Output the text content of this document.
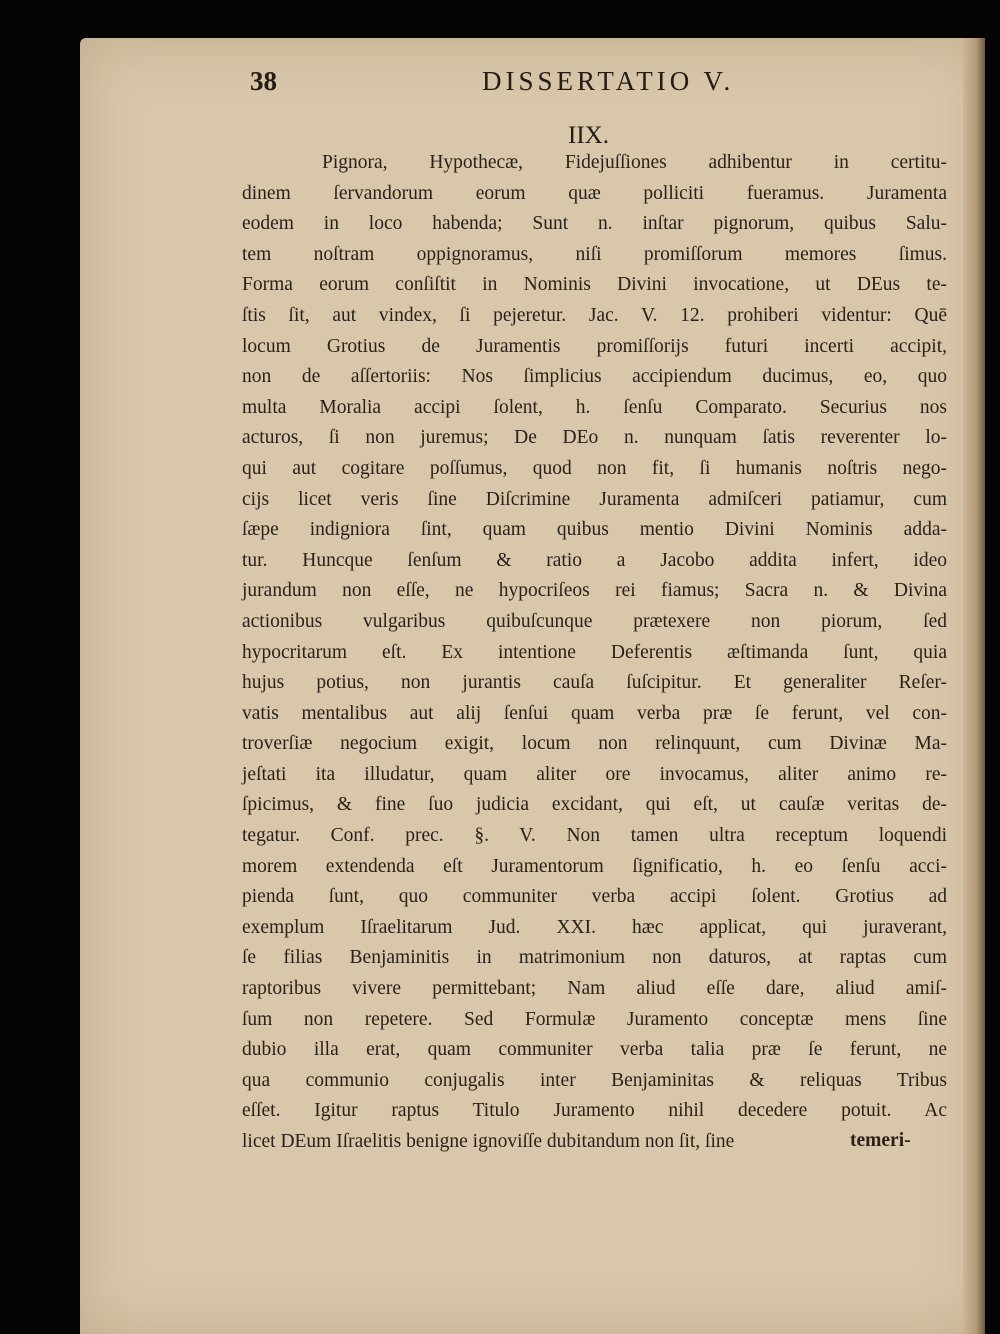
38	DISSERTATIO V.
IIX.
Pignora, Hypothecæ, Fidejuſſiones adhibentur in certitu-
dinem ſervandorum eorum quæ polliciti fueramus. Juramenta
eodem in loco habenda; Sunt n. inſtar pignorum, quibus Salu-
tem noſtram oppignoramus, niſi promiſſorum memores ſimus.
Forma eorum conſiſtit in Nominis Divini invocatione, ut DEus te-
ſtis ſit, aut vindex, ſi pejeretur. Jac. V. 12. prohiberi videntur: Quē
locum Grotius de Juramentis promiſſorijs futuri incerti accipit,
non de aſſertoriis: Nos ſimplicius accipiendum ducimus, eo, quo
multa Moralia accipi ſolent, h. ſenſu Comparato. Securius nos
acturos, ſi non juremus; De DEo n. nunquam ſatis reverenter lo-
qui aut cogitare poſſumus, quod non fit, ſi humanis noſtris nego-
cijs licet veris ſine Diſcrimine Juramenta admiſceri patiamur, cum
ſæpe indigniora ſint, quam quibus mentio Divini Nominis adda-
tur. Huncque ſenſum & ratio a Jacobo addita infert, ideo
jurandum non eſſe, ne hypocriſeos rei fiamus; Sacra n. & Divina
actionibus vulgaribus quibuſcunque prætexere non piorum, ſed
hypocritarum eſt. Ex intentione Deferentis æſtimanda ſunt, quia
hujus potius, non jurantis cauſa ſuſcipitur. Et generaliter Reſer-
vatis mentalibus aut alij ſenſui quam verba præ ſe ferunt, vel con-
troverſiæ negocium exigit, locum non relinquunt, cum Divinæ Ma-
jeſtati ita illudatur, quam aliter ore invocamus, aliter animo re-
ſpicimus, & fine ſuo judicia excidant, qui eſt, ut cauſæ veritas de-
tegatur. Conf. prec. §. V. Non tamen ultra receptum loquendi
morem extendenda eſt Juramentorum ſignificatio, h. eo ſenſu acci-
pienda ſunt, quo communiter verba accipi ſolent. Grotius ad
exemplum Iſraelitarum Jud. XXI. hæc applicat, qui juraverant,
ſe filias Benjaminitis in matrimonium non daturos, at raptas cum
raptoribus vivere permittebant; Nam aliud eſſe dare, aliud amiſ-
ſum non repetere. Sed Formulæ Juramento conceptæ mens ſine
dubio illa erat, quam communiter verba talia præ ſe ferunt, ne
qua communio conjugalis inter Benjaminitas & reliquas Tribus
eſſet. Igitur raptus Titulo Juramento nihil decedere potuit. Ac
licet DEum Iſraelitis benigne ignoviſſe dubitandum non ſit, ſine	temeri-
